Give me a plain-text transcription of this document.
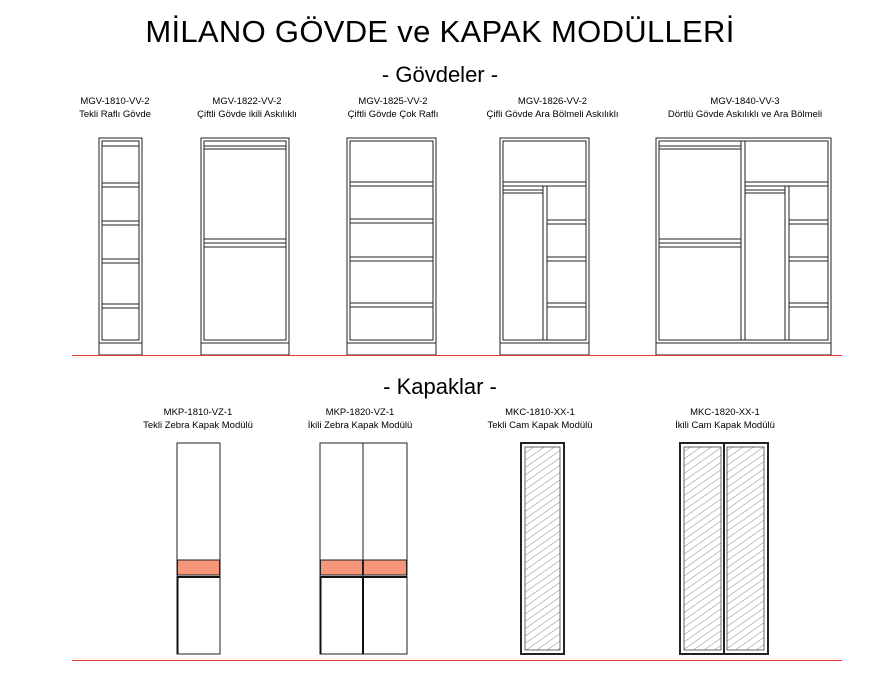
MİLANO GÖVDE ve KAPAK MODÜLLERİ
- Gövdeler -
- Kapaklar -
MGV-1810-VV-2
Tekli Raflı Gövde
MGV-1822-VV-2
Çiftli Gövde ikili Askılıklı
MGV-1825-VV-2
Çiftli Gövde Çok Raflı
MGV-1826-VV-2
Çifli Gövde Ara Bölmeli Askılıklı
MGV-1840-VV-3
Dörtlü Gövde Askılıklı ve Ara Bölmeli
MKP-1810-VZ-1
Tekli Zebra Kapak Modülü
MKP-1820-VZ-1
İkili Zebra Kapak Modülü
MKC-1810-XX-1
Tekli Cam Kapak Modülü
MKC-1820-XX-1
İkili Cam Kapak Modülü
